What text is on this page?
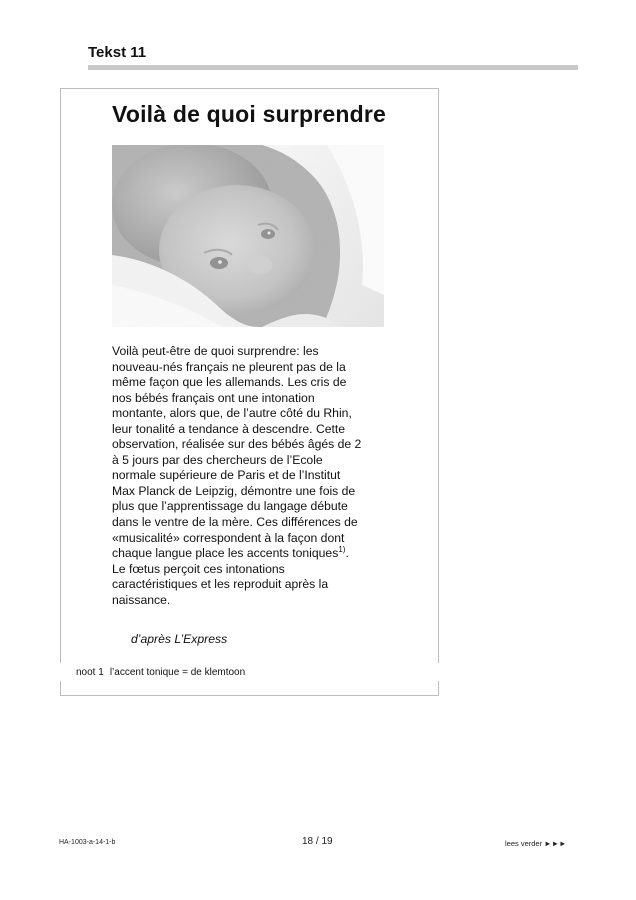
Tekst 11
Voilà de quoi surprendre

Voilà peut-être de quoi surprendre: les
nouveau-nés français ne pleurent pas de la
même façon que les allemands. Les cris de
nos bébés français ont une intonation
montante, alors que, de l’autre côté du Rhin,
leur tonalité a tendance à descendre. Cette
observation, réalisée sur des bébés âgés de 2
à 5 jours par des chercheurs de l’Ecole
normale supérieure de Paris et de l’Institut
Max Planck de Leipzig, démontre une fois de
plus que l’apprentissage du langage débute
dans le ventre de la mère. Ces différences de
«musicalité» correspondent à la façon dont
chaque langue place les accents toniques$^{1)}$.
Le fœtus perçoit ces intonations
caractéristiques et les reproduit après la
naissance.

d’après L’Express

noot 1 l’accent tonique = de klemtoon

HA-1003-a-14-1-b	18 / 19	lees verder ►►►
